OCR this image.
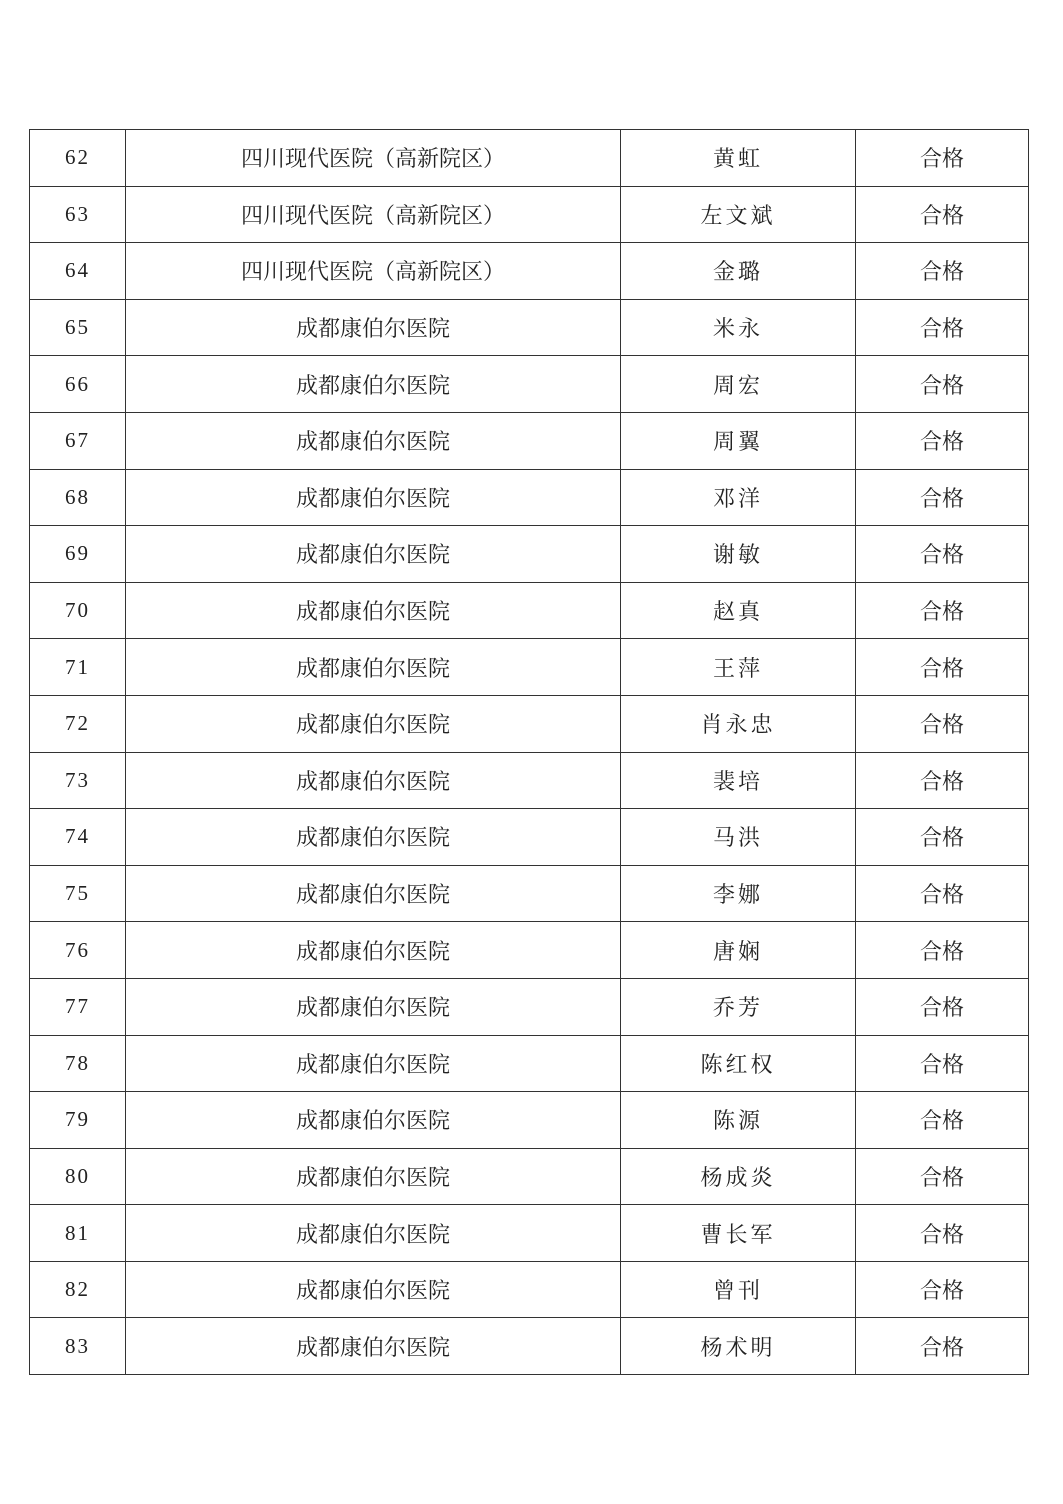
62	四川现代医院（高新院区）	黄虹	合格
63	四川现代医院（高新院区）	左文斌	合格
64	四川现代医院（高新院区）	金璐	合格
65	成都康伯尔医院	米永	合格
66	成都康伯尔医院	周宏	合格
67	成都康伯尔医院	周翼	合格
68	成都康伯尔医院	邓洋	合格
69	成都康伯尔医院	谢敏	合格
70	成都康伯尔医院	赵真	合格
71	成都康伯尔医院	王萍	合格
72	成都康伯尔医院	肖永忠	合格
73	成都康伯尔医院	裴培	合格
74	成都康伯尔医院	马洪	合格
75	成都康伯尔医院	李娜	合格
76	成都康伯尔医院	唐娴	合格
77	成都康伯尔医院	乔芳	合格
78	成都康伯尔医院	陈红权	合格
79	成都康伯尔医院	陈源	合格
80	成都康伯尔医院	杨成炎	合格
81	成都康伯尔医院	曹长军	合格
82	成都康伯尔医院	曾刊	合格
83	成都康伯尔医院	杨术明	合格
